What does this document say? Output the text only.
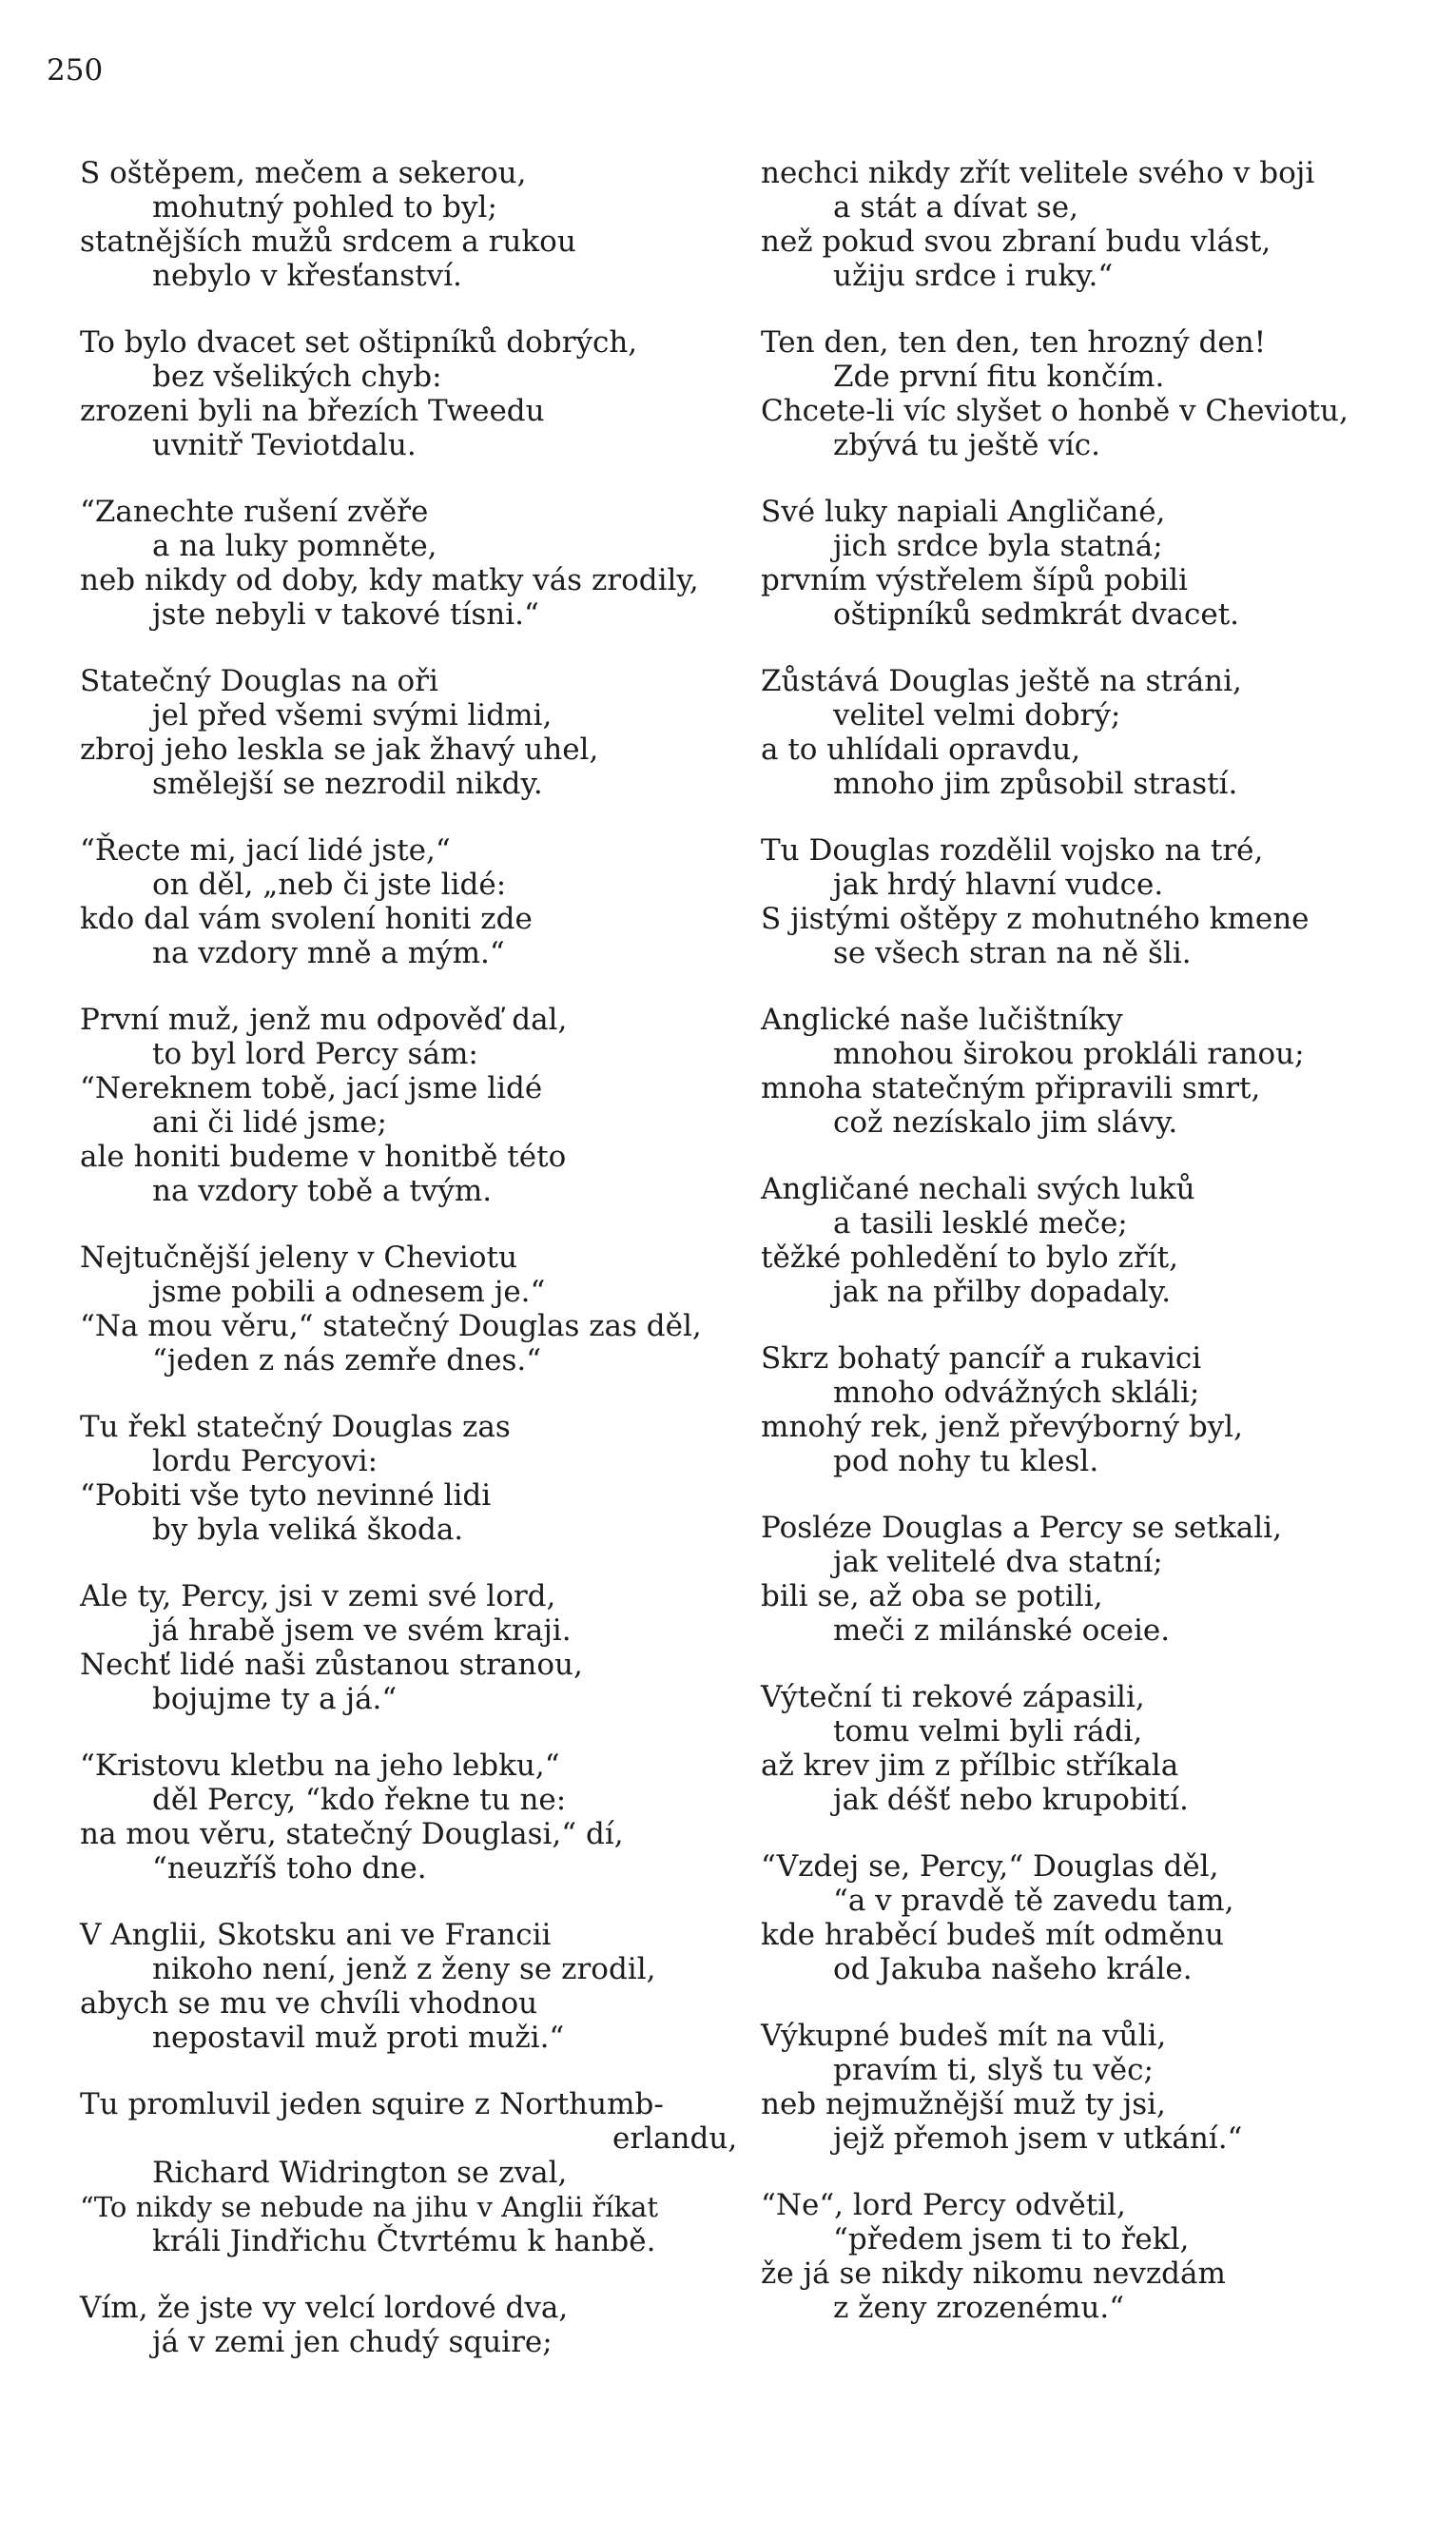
250
S oštěpem, mečem a sekerou,
mohutný pohled to byl;
statnějších mužů srdcem a rukou
nebylo v křesťanství.
To bylo dvacet set oštipníků dobrých,
bez všelikých chyb:
zrozeni byli na březích Tweedu
uvnitř Teviotdalu.
“Zanechte rušení zvěře
a na luky pomněte,
neb nikdy od doby, kdy matky vás zrodily,
jste nebyli v takové tísni.“
Statečný Douglas na oři
jel před všemi svými lidmi,
zbroj jeho leskla se jak žhavý uhel,
smělejší se nezrodil nikdy.
“Řecte mi, jací lidé jste,“
on děl, „neb či jste lidé:
kdo dal vám svolení honiti zde
na vzdory mně a mým.“
První muž, jenž mu odpověď dal,
to byl lord Percy sám:
“Nereknem tobě, jací jsme lidé
ani či lidé jsme;
ale honiti budeme v honitbě této
na vzdory tobě a tvým.
Nejtučnější jeleny v Cheviotu
jsme pobili a odnesem je.“
“Na mou věru,“ statečný Douglas zas děl,
“jeden z nás zemře dnes.“
Tu řekl statečný Douglas zas
lordu Percyovi:
“Pobiti vše tyto nevinné lidi
by byla veliká škoda.
Ale ty, Percy, jsi v zemi své lord,
já hrabě jsem ve svém kraji.
Nechť lidé naši zůstanou stranou,
bojujme ty a já.“
“Kristovu kletbu na jeho lebku,“
děl Percy, “kdo řekne tu ne:
na mou věru, statečný Douglasi,“ dí,
“neuzříš toho dne.
V Anglii, Skotsku ani ve Francii
nikoho není, jenž z ženy se zrodil,
abych se mu ve chvíli vhodnou
nepostavil muž proti muži.“
Tu promluvil jeden squire z Northumb-
erlandu,
Richard Widrington se zval,
“To nikdy se nebude na jihu v Anglii říkat
králi Jindřichu Čtvrtému k hanbě.
Vím, že jste vy velcí lordové dva,
já v zemi jen chudý squire;
nechci nikdy zřít velitele svého v boji
a stát a dívat se,
než pokud svou zbraní budu vlást,
užiju srdce i ruky.“
Ten den, ten den, ten hrozný den!
Zde první fitu končím.
Chcete-li víc slyšet o honbě v Cheviotu,
zbývá tu ještě víc.
Své luky napiali Angličané,
jich srdce byla statná;
prvním výstřelem šípů pobili
oštipníků sedmkrát dvacet.
Zůstává Douglas ještě na stráni,
velitel velmi dobrý;
a to uhlídali opravdu,
mnoho jim způsobil strastí.
Tu Douglas rozdělil vojsko na tré,
jak hrdý hlavní vudce.
S jistými oštěpy z mohutného kmene
se všech stran na ně šli.
Anglické naše lučištníky
mnohou širokou prokláli ranou;
mnoha statečným připravili smrt,
což nezískalo jim slávy.
Angličané nechali svých luků
a tasili lesklé meče;
těžké pohledění to bylo zřít,
jak na přilby dopadaly.
Skrz bohatý pancíř a rukavici
mnoho odvážných skláli;
mnohý rek, jenž převýborný byl,
pod nohy tu klesl.
Posléze Douglas a Percy se setkali,
jak velitelé dva statní;
bili se, až oba se potili,
meči z milánské oceie.
Výteční ti rekové zápasili,
tomu velmi byli rádi,
až krev jim z přílbic stříkala
jak déšť nebo krupobití.
“Vzdej se, Percy,“ Douglas děl,
“a v pravdě tě zavedu tam,
kde hraběcí budeš mít odměnu
od Jakuba našeho krále.
Výkupné budeš mít na vůli,
pravím ti, slyš tu věc;
neb nejmužnější muž ty jsi,
jejž přemoh jsem v utkání.“
“Ne“, lord Percy odvětil,
“předem jsem ti to řekl,
že já se nikdy nikomu nevzdám
z ženy zrozenému.“
